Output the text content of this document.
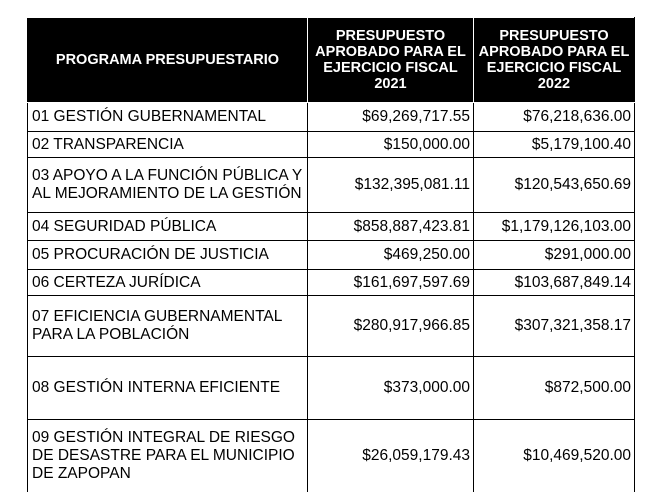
PROGRAMA PRESUPUESTARIO	PRESUPUESTO APROBADO PARA EL EJERCICIO FISCAL 2021	PRESUPUESTO APROBADO PARA EL EJERCICIO FISCAL 2022
01 GESTIÓN GUBERNAMENTAL	$69,269,717.55	$76,218,636.00
02 TRANSPARENCIA	$150,000.00	$5,179,100.40
03 APOYO A LA FUNCIÓN PÚBLICA Y AL MEJORAMIENTO DE LA GESTIÓN	$132,395,081.11	$120,543,650.69
04 SEGURIDAD PÚBLICA	$858,887,423.81	$1,179,126,103.00
05 PROCURACIÓN DE JUSTICIA	$469,250.00	$291,000.00
06 CERTEZA JURÍDICA	$161,697,597.69	$103,687,849.14
07 EFICIENCIA GUBERNAMENTAL PARA LA POBLACIÓN	$280,917,966.85	$307,321,358.17
08 GESTIÓN INTERNA EFICIENTE	$373,000.00	$872,500.00
09 GESTIÓN INTEGRAL DE RIESGO DE DESASTRE PARA EL MUNICIPIO DE ZAPOPAN	$26,059,179.43	$10,469,520.00
